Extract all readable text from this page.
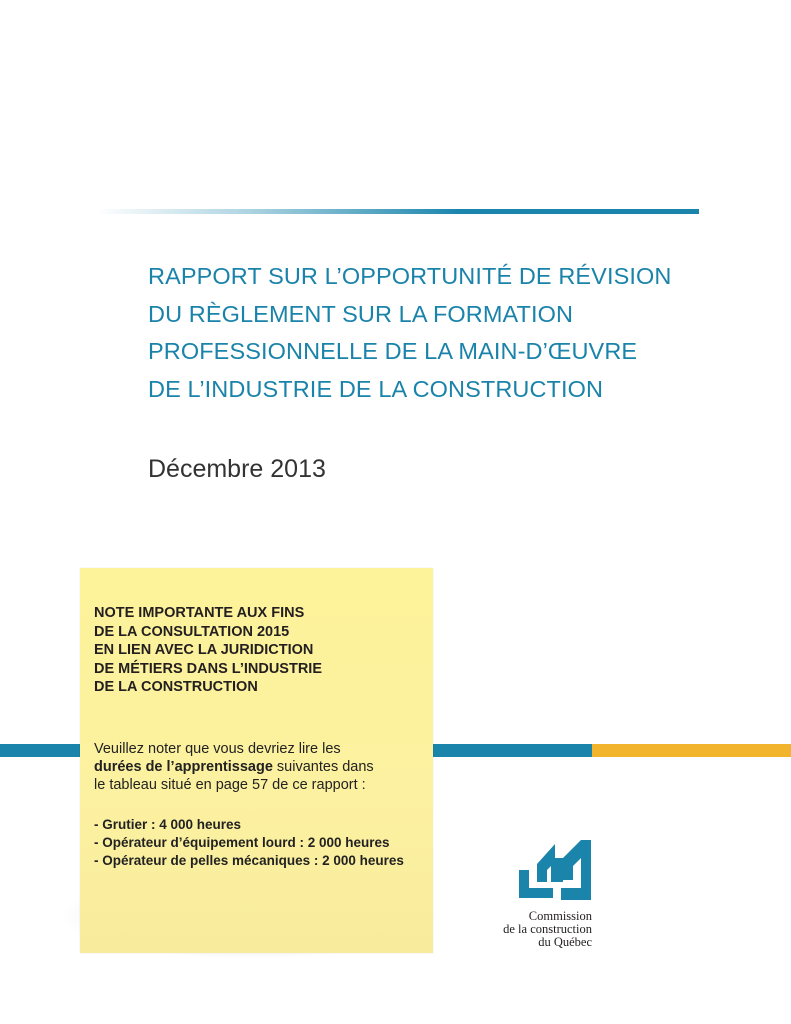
RAPPORT SUR L’OPPORTUNITÉ DE RÉVISION
DU RÈGLEMENT SUR LA FORMATION
PROFESSIONNELLE DE LA MAIN-D’ŒUVRE
DE L’INDUSTRIE DE LA CONSTRUCTION
Décembre 2013
NOTE IMPORTANTE AUX FINS
DE LA CONSULTATION 2015
EN LIEN AVEC LA JURIDICTION
DE MÉTIERS DANS L’INDUSTRIE
DE LA CONSTRUCTION
Veuillez noter que vous devriez lire les
durées de l’apprentissage suivantes dans
le tableau situé en page 57 de ce rapport :
- Grutier : 4 000 heures
- Opérateur d’équipement lourd : 2 000 heures
- Opérateur de pelles mécaniques : 2 000 heures
Commission
de la construction
du Québec
